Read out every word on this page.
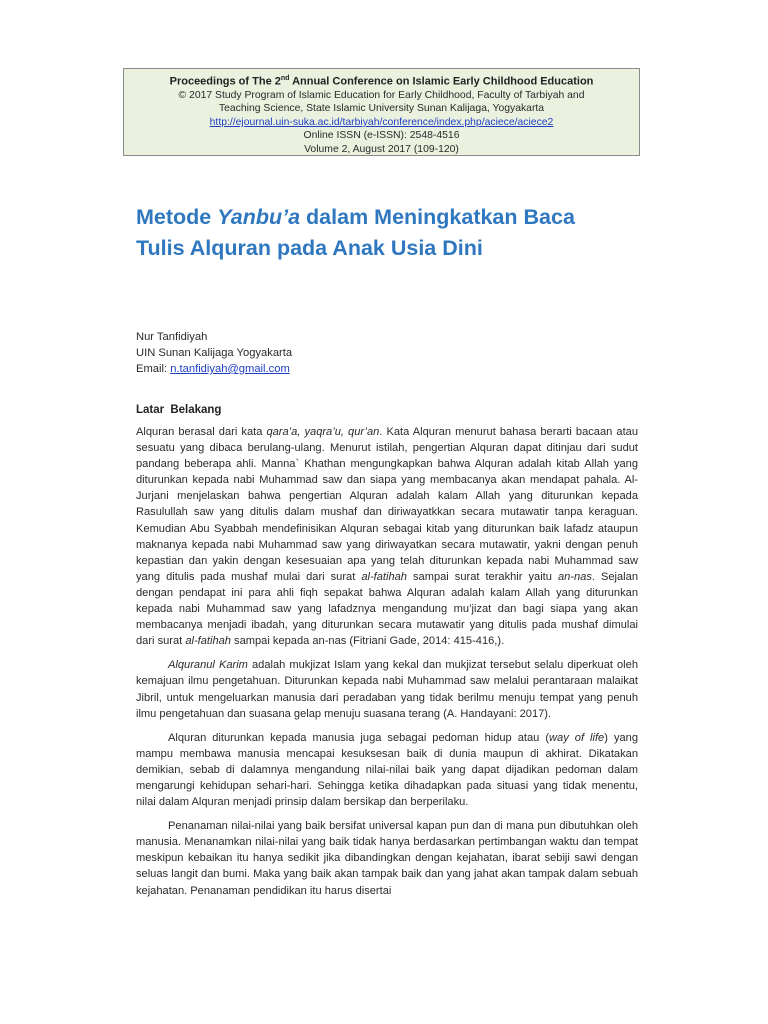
Proceedings of The 2nd Annual Conference on Islamic Early Childhood Education
© 2017 Study Program of Islamic Education for Early Childhood, Faculty of Tarbiyah and
Teaching Science, State Islamic University Sunan Kalijaga, Yogyakarta
http://ejournal.uin-suka.ac.id/tarbiyah/conference/index.php/aciece/aciece2
Online ISSN (e-ISSN): 2548-4516
Volume 2, August 2017 (109-120)
Metode Yanbu’a dalam Meningkatkan Baca
Tulis Alquran pada Anak Usia Dini
Nur Tanfidiyah
UIN Sunan Kalijaga Yogyakarta
Email: n.tanfidiyah@gmail.com
Latar Belakang

Alquran berasal dari kata qara’a, yaqra’u, qur’an. Kata Alquran menurut bahasa berarti bacaan atau sesuatu yang dibaca berulang-ulang. Menurut istilah, pengertian Alquran dapat ditinjau dari sudut pandang beberapa ahli. Manna` Khathan mengungkapkan bahwa Alquran adalah kitab Allah yang diturunkan kepada nabi Muhammad saw dan siapa yang membacanya akan mendapat pahala. Al-Jurjani menjelaskan bahwa pengertian Alquran adalah kalam Allah yang diturunkan kepada Rasulullah saw yang ditulis dalam mushaf dan diriwayatkkan secara mutawatir tanpa keraguan. Kemudian Abu Syabbah mendefinisikan Alquran sebagai kitab yang diturunkan baik lafadz ataupun maknanya kepada nabi Muhammad saw yang diriwayatkan secara mutawatir, yakni dengan penuh kepastian dan yakin dengan kesesuaian apa yang telah diturunkan kepada nabi Muhammad saw yang ditulis pada mushaf mulai dari surat al-fatihah sampai surat terakhir yaitu an-nas. Sejalan dengan pendapat ini para ahli fiqh sepakat bahwa Alquran adalah kalam Allah yang diturunkan kepada nabi Muhammad saw yang lafadznya mengandung mu’jizat dan bagi siapa yang akan membacanya menjadi ibadah, yang diturunkan secara mutawatir yang ditulis pada mushaf dimulai dari surat al-fatihah sampai kepada an-nas (Fitriani Gade, 2014: 415-416,).

Alquranul Karim adalah mukjizat Islam yang kekal dan mukjizat tersebut selalu diperkuat oleh kemajuan ilmu pengetahuan. Diturunkan kepada nabi Muhammad saw melalui perantaraan malaikat Jibril, untuk mengeluarkan manusia dari peradaban yang tidak berilmu menuju tempat yang penuh ilmu pengetahuan dan suasana gelap menuju suasana terang (A. Handayani: 2017).

Alquran diturunkan kepada manusia juga sebagai pedoman hidup atau (way of life) yang mampu membawa manusia mencapai kesuksesan baik di dunia maupun di akhirat. Dikatakan demikian, sebab di dalamnya mengandung nilai-nilai baik yang dapat dijadikan pedoman dalam mengarungi kehidupan sehari-hari. Sehingga ketika dihadapkan pada situasi yang tidak menentu, nilai dalam Alquran menjadi prinsip dalam bersikap dan berperilaku.

Penanaman nilai-nilai yang baik bersifat universal kapan pun dan di mana pun dibutuhkan oleh manusia. Menanamkan nilai-nilai yang baik tidak hanya berdasarkan pertimbangan waktu dan tempat meskipun kebaikan itu hanya sedikit jika dibandingkan dengan kejahatan, ibarat sebiji sawi dengan seluas langit dan bumi. Maka yang baik akan tampak baik dan yang jahat akan tampak dalam sebuah kejahatan. Penanaman pendidikan itu harus disertai
